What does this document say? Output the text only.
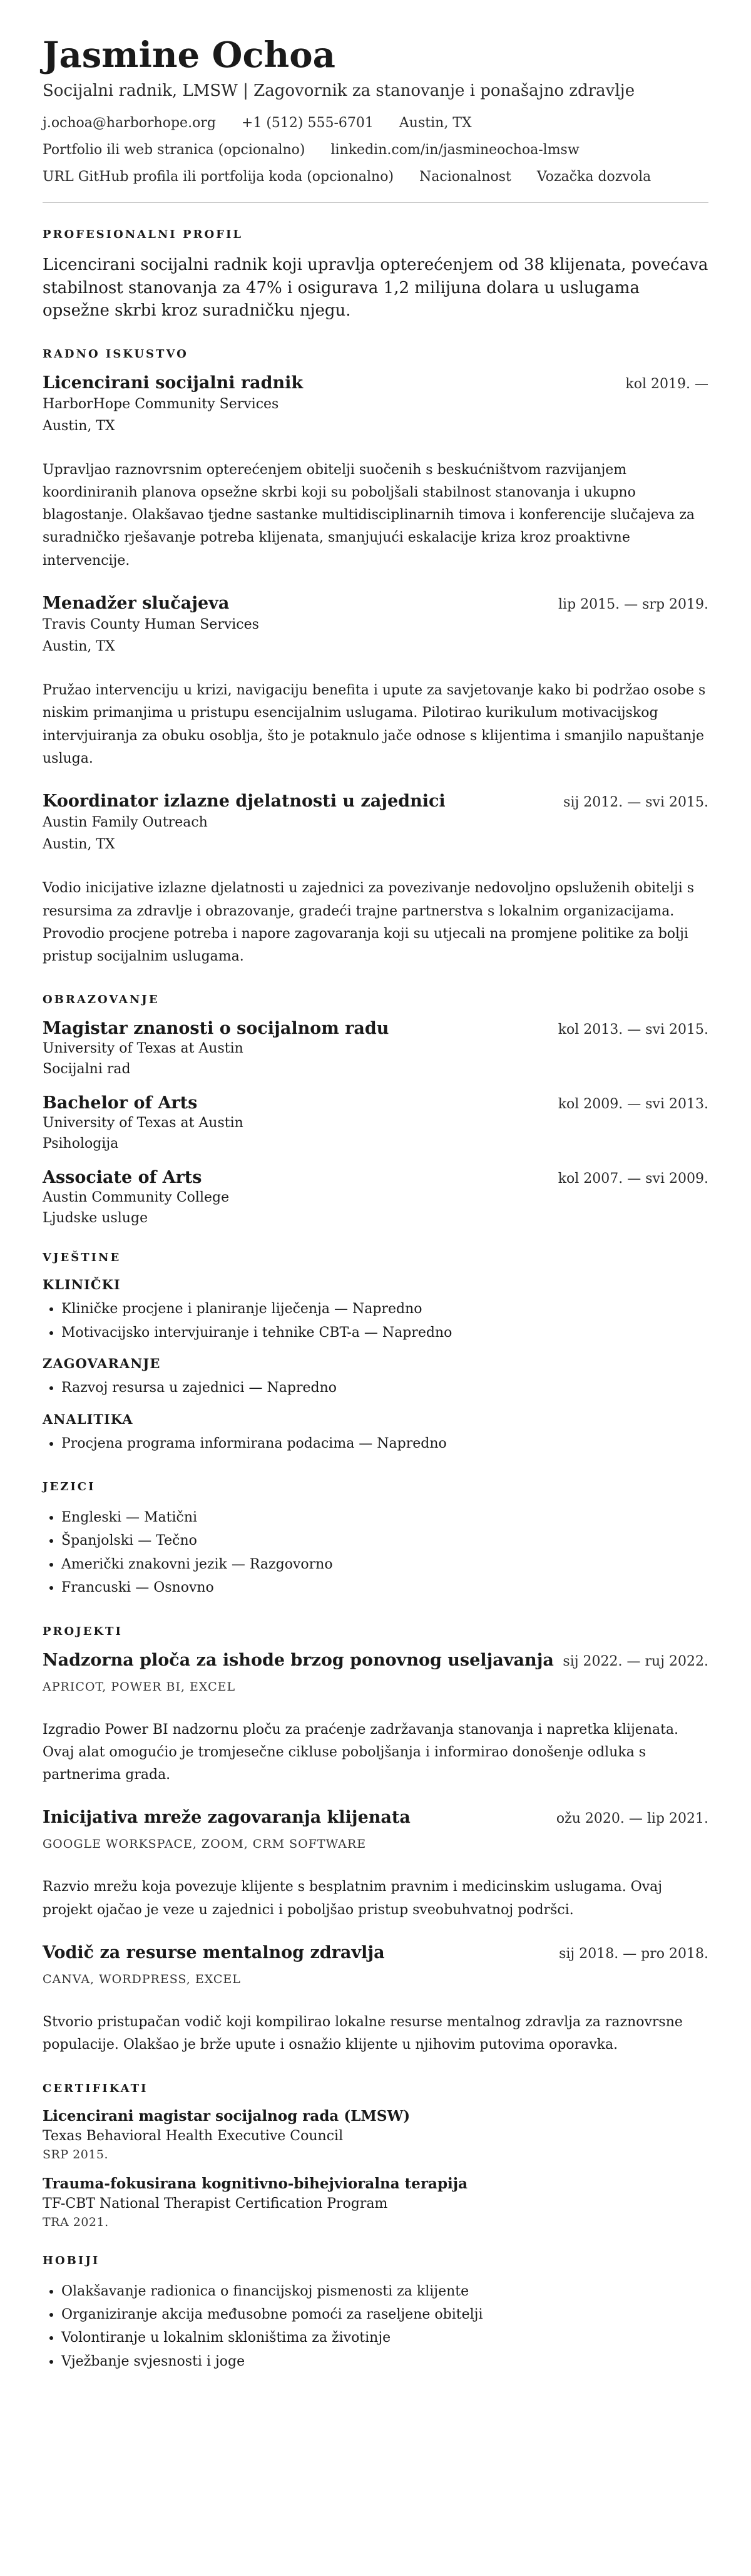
Jasmine Ochoa
Socijalni radnik, LMSW | Zagovornik za stanovanje i ponašajno zdravlje
j.ochoa@harborhope.org +1 (512) 555-6701 Austin, TX
Portfolio ili web stranica (opcionalno) linkedin.com/in/jasmineochoa-lmsw
URL GitHub profila ili portfolija koda (opcionalno) Nacionalnost Vozačka dozvola
PROFESIONALNI PROFIL

Licencirani socijalni radnik koji upravlja opterećenjem od 38 klijenata, povećava stabilnost stanovanja za 47% i osigurava 1,2 milijuna dolara u uslugama opsežne skrbi kroz suradničku njegu.

RADNO ISKUSTVO
Licencirani socijalni radnik	kol 2019. —
HarborHope Community Services
Austin, TX

Upravljao raznovrsnim opterećenjem obitelji suočenih s beskućništvom razvijanjem koordiniranih planova opsežne skrbi koji su poboljšali stabilnost stanovanja i ukupno blagostanje. Olakšavao tjedne sastanke multidisciplinarnih timova i konferencije slučajeva za suradničko rješavanje potreba klijenata, smanjujući eskalacije kriza kroz proaktivne intervencije.

Menadžer slučajeva	lip 2015. — srp 2019.
Travis County Human Services
Austin, TX

Pružao intervenciju u krizi, navigaciju benefita i upute za savjetovanje kako bi podržao osobe s niskim primanjima u pristupu esencijalnim uslugama. Pilotirao kurikulum motivacijskog intervjuiranja za obuku osoblja, što je potaknulo jače odnose s klijentima i smanjilo napuštanje usluga.

Koordinator izlazne djelatnosti u zajednici	sij 2012. — svi 2015.
Austin Family Outreach
Austin, TX

Vodio inicijative izlazne djelatnosti u zajednici za povezivanje nedovoljno opsluženih obitelji s resursima za zdravlje i obrazovanje, gradeći trajne partnerstva s lokalnim organizacijama. Provodio procjene potreba i napore zagovaranja koji su utjecali na promjene politike za bolji pristup socijalnim uslugama.

OBRAZOVANJE
Magistar znanosti o socijalnom radu	kol 2013. — svi 2015.
University of Texas at Austin
Socijalni rad
Bachelor of Arts	kol 2009. — svi 2013.
University of Texas at Austin
Psihologija
Associate of Arts	kol 2007. — svi 2009.
Austin Community College
Ljudske usluge
VJEŠTINE
KLINIČKI
• Kliničke procjene i planiranje liječenja — Napredno
• Motivacijsko intervjuiranje i tehnike CBT-a — Napredno
ZAGOVARANJE
• Razvoj resursa u zajednici — Napredno
ANALITIKA
• Procjena programa informirana podacima — Napredno
JEZICI
• Engleski — Matični
• Španjolski — Tečno
• Američki znakovni jezik — Razgovorno
• Francuski — Osnovno
PROJEKTI
Nadzorna ploča za ishode brzog ponovnog useljavanja sij 2022. — ruj 2022.
APRICOT, POWER BI, EXCEL

Izgradio Power BI nadzornu ploču za praćenje zadržavanja stanovanja i napretka klijenata. Ovaj alat omogućio je tromjesečne cikluse poboljšanja i informirao donošenje odluka s partnerima grada.

Inicijativa mreže zagovaranja klijenata	ožu 2020. — lip 2021.
GOOGLE WORKSPACE, ZOOM, CRM SOFTWARE

Razvio mrežu koja povezuje klijente s besplatnim pravnim i medicinskim uslugama. Ovaj projekt ojačao je veze u zajednici i poboljšao pristup sveobuhvatnoj podršci.

Vodič za resurse mentalnog zdravlja	sij 2018. — pro 2018.
CANVA, WORDPRESS, EXCEL

Stvorio pristupačan vodič koji kompilirao lokalne resurse mentalnog zdravlja za raznovrsne populacije. Olakšao je brže upute i osnažio klijente u njihovim putovima oporavka.

CERTIFIKATI
Licencirani magistar socijalnog rada (LMSW)
Texas Behavioral Health Executive Council
SRP 2015.
Trauma-fokusirana kognitivno-bihejvioralna terapija
TF-CBT National Therapist Certification Program
TRA 2021.
HOBIJI
• Olakšavanje radionica o financijskoj pismenosti za klijente
• Organiziranje akcija međusobne pomoći za raseljene obitelji
• Volontiranje u lokalnim skloništima za životinje
• Vježbanje svjesnosti i joge
